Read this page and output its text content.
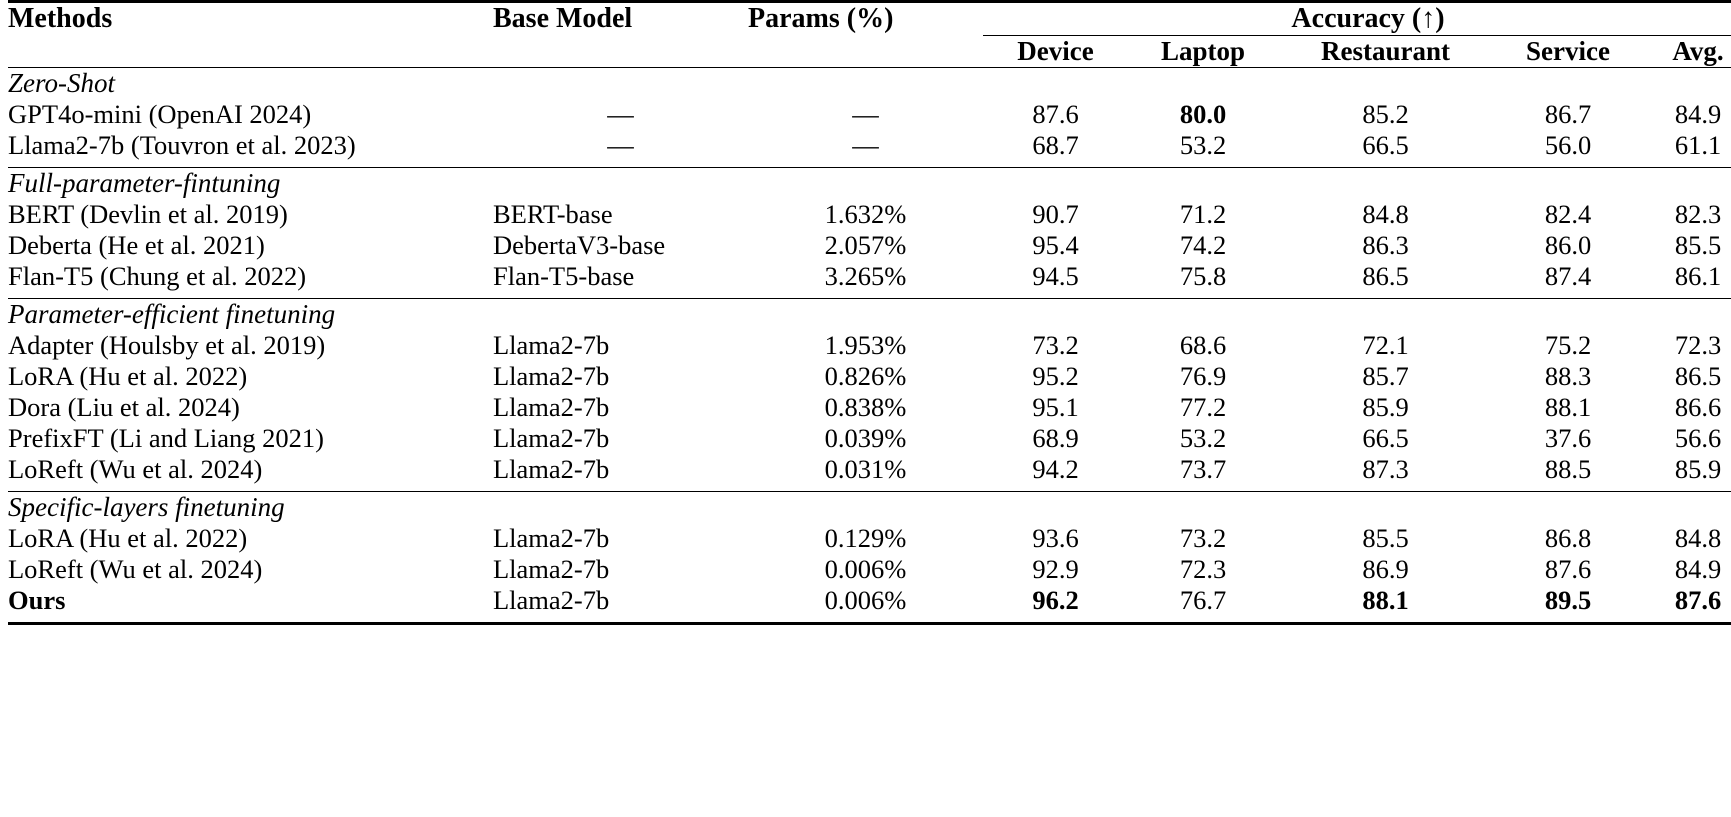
Methods	Base Model	Params (%)	Accuracy (↑)				
			Device	Laptop	Restaurant	Service	Avg.

Zero-Shot							
GPT4o-mini (OpenAI 2024)	—	—	87.6	80.0	85.2	86.7	84.9
Llama2-7b (Touvron et al. 2023)	—	—	68.7	53.2	66.5	56.0	61.1

Full-parameter-fintuning							
BERT (Devlin et al. 2019)	BERT-base	1.632%	90.7	71.2	84.8	82.4	82.3
Deberta (He et al. 2021)	DebertaV3-base	2.057%	95.4	74.2	86.3	86.0	85.5
Flan-T5 (Chung et al. 2022)	Flan-T5-base	3.265%	94.5	75.8	86.5	87.4	86.1

Parameter-efficient finetuning							
Adapter (Houlsby et al. 2019)	Llama2-7b	1.953%	73.2	68.6	72.1	75.2	72.3
LoRA (Hu et al. 2022)	Llama2-7b	0.826%	95.2	76.9	85.7	88.3	86.5
Dora (Liu et al. 2024)	Llama2-7b	0.838%	95.1	77.2	85.9	88.1	86.6
PrefixFT (Li and Liang 2021)	Llama2-7b	0.039%	68.9	53.2	66.5	37.6	56.6
LoReft (Wu et al. 2024)	Llama2-7b	0.031%	94.2	73.7	87.3	88.5	85.9

Specific-layers finetuning							
LoRA (Hu et al. 2022)	Llama2-7b	0.129%	93.6	73.2	85.5	86.8	84.8
LoReft (Wu et al. 2024)	Llama2-7b	0.006%	92.9	72.3	86.9	87.6	84.9
Ours	Llama2-7b	0.006%	96.2	76.7	88.1	89.5	87.6
